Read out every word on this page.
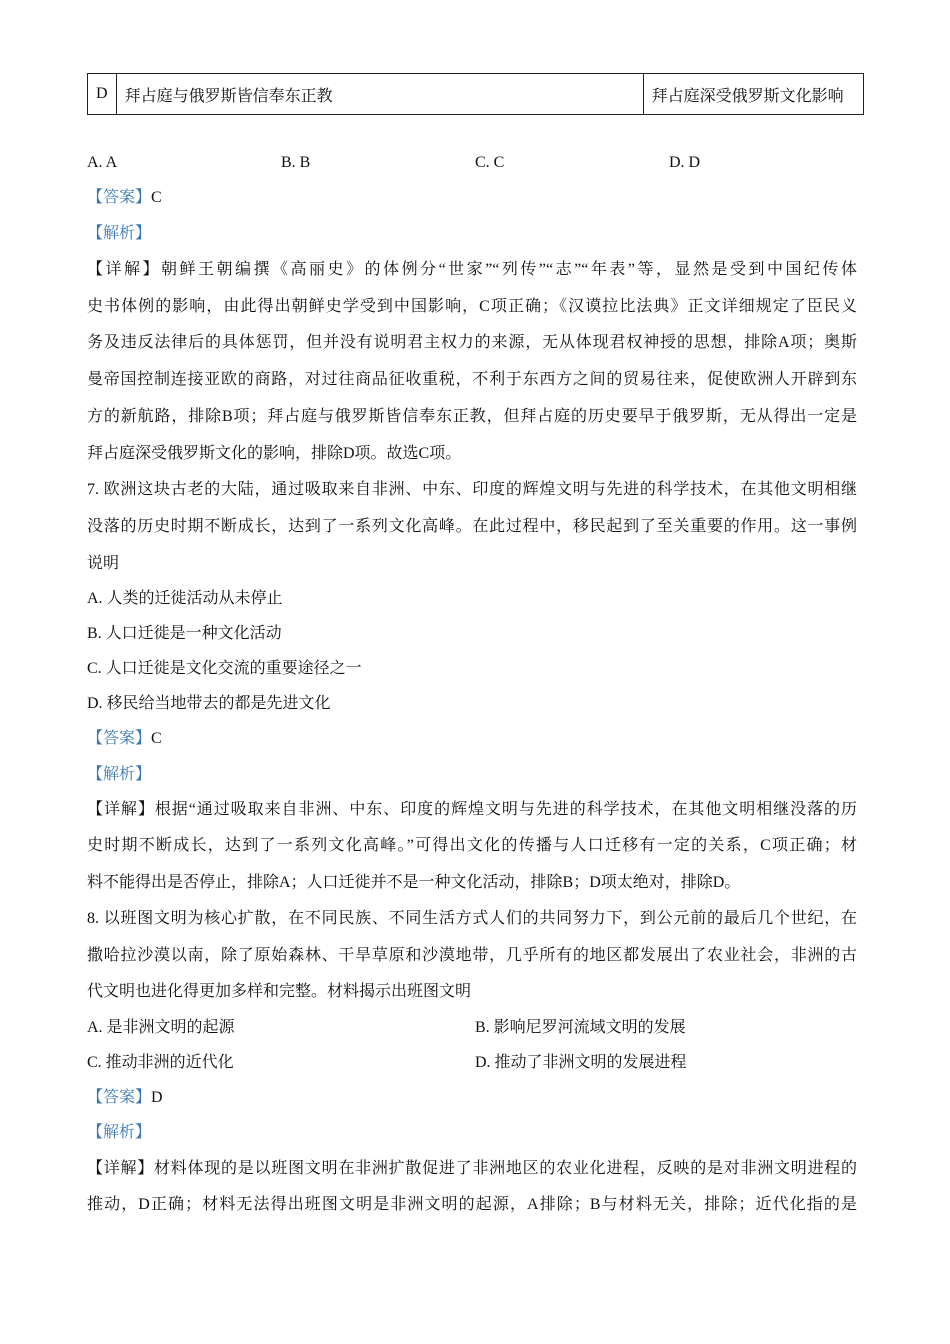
D	拜占庭与俄罗斯皆信奉东正教	拜占庭深受俄罗斯文化影响
A. A	B. B	C. C	D. D
【答案】C
【解析】
【详解】朝鲜王朝编撰《高丽史》的体例分“世家”“列传”“志”“年表”等，显然是受到中国纪传体
史书体例的影响，由此得出朝鲜史学受到中国影响，C项正确；《汉谟拉比法典》正文详细规定了臣民义
务及违反法律后的具体惩罚，但并没有说明君主权力的来源，无从体现君权神授的思想，排除A项；奥斯
曼帝国控制连接亚欧的商路，对过往商品征收重税，不利于东西方之间的贸易往来，促使欧洲人开辟到东
方的新航路，排除B项；拜占庭与俄罗斯皆信奉东正教，但拜占庭的历史要早于俄罗斯，无从得出一定是
拜占庭深受俄罗斯文化的影响，排除D项。故选C项。
7. 欧洲这块古老的大陆，通过吸取来自非洲、中东、印度的辉煌文明与先进的科学技术，在其他文明相继
没落的历史时期不断成长，达到了一系列文化高峰。在此过程中，移民起到了至关重要的作用。这一事例
说明
A. 人类的迁徙活动从未停止
B. 人口迁徙是一种文化活动
C. 人口迁徙是文化交流的重要途径之一
D. 移民给当地带去的都是先进文化
【答案】C
【解析】
【详解】根据“通过吸取来自非洲、中东、印度的辉煌文明与先进的科学技术，在其他文明相继没落的历
史时期不断成长，达到了一系列文化高峰。”可得出文化的传播与人口迁移有一定的关系，C项正确；材
料不能得出是否停止，排除A；人口迁徙并不是一种文化活动，排除B；D项太绝对，排除D。
8. 以班图文明为核心扩散，在不同民族、不同生活方式人们的共同努力下，到公元前的最后几个世纪，在
撒哈拉沙漠以南，除了原始森林、干旱草原和沙漠地带，几乎所有的地区都发展出了农业社会，非洲的古
代文明也进化得更加多样和完整。材料揭示出班图文明
A. 是非洲文明的起源	B. 影响尼罗河流域文明的发展
C. 推动非洲的近代化	D. 推动了非洲文明的发展进程
【答案】D
【解析】
【详解】材料体现的是以班图文明在非洲扩散促进了非洲地区的农业化进程，反映的是对非洲文明进程的
推动，D正确；材料无法得出班图文明是非洲文明的起源，A排除；B与材料无关，排除；近代化指的是
